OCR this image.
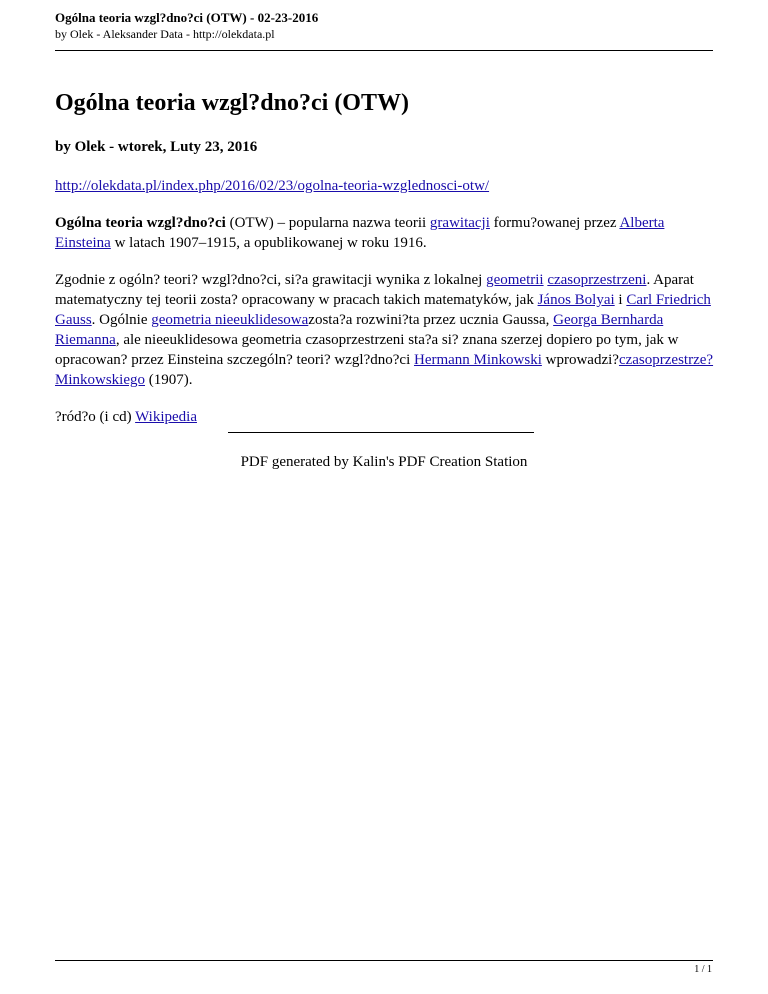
Ogólna teoria wzgl?dno?ci (OTW) - 02-23-2016
by Olek - Aleksander Data - http://olekdata.pl
Ogólna teoria wzgl?dno?ci (OTW)
by Olek - wtorek, Luty 23, 2016
http://olekdata.pl/index.php/2016/02/23/ogolna-teoria-wzglednosci-otw/

Ogólna teoria wzgl?dno?ci (OTW) – popularna nazwa teorii grawitacji formu?owanej przez Alberta Einsteina w latach 1907–1915, a opublikowanej w roku 1916.

Zgodnie z ogóln? teori? wzgl?dno?ci, si?a grawitacji wynika z lokalnej geometrii czasoprzestrzeni. Aparat matematyczny tej teorii zosta? opracowany w pracach takich matematyków, jak János Bolyai i Carl Friedrich Gauss. Ogólnie geometria nieeuklidesowazosta?a rozwini?ta przez ucznia Gaussa, Georga Bernharda Riemanna, ale nieeuklidesowa geometria czasoprzestrzeni sta?a si? znana szerzej dopiero po tym, jak w opracowan? przez Einsteina szczególn? teori? wzgl?dno?ci Hermann Minkowski wprowadzi?czasoprzestrze? Minkowskiego (1907).

?ród?o (i cd) Wikipedia

PDF generated by Kalin's PDF Creation Station
1 / 1
